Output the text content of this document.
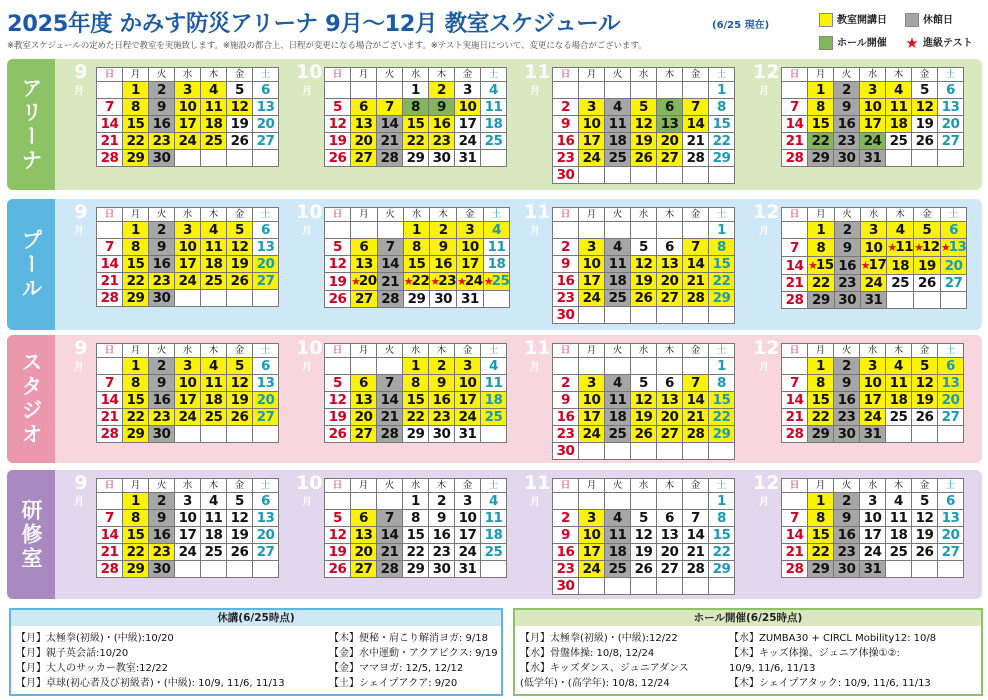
2025年度 かみす防災アリーナ 9月～12月 教室スケジュール	(6/25 現在)
※教室スケジュールの定めた日程で教室を実施致します。※施設の都合上、日程が変更になる場合がございます。※テスト実施日について、変更になる場合がございます。
教室開講日	休館日
ホール開催 ★ 進級テスト
アリーナ
9
月
日	月	火	水	木	金	土
	1	2	3	4	5	6
7	8	9	10	11	12	13
14	15	16	17	18	19	20
21	22	23	24	25	26	27
28	29	30				
10
月
日	月	火	水	木	金	土
			1	2	3	4
5	6	7	8	9	10	11
12	13	14	15	16	17	18
19	20	21	22	23	24	25
26	27	28	29	30	31	
11
月
日	月	火	水	木	金	土
						1
2	3	4	5	6	7	8
9	10	11	12	13	14	15
16	17	18	19	20	21	22
23	24	25	26	27	28	29
30						
12
月
日	月	火	水	木	金	土
	1	2	3	4	5	6
7	8	9	10	11	12	13
14	15	16	17	18	19	20
21	22	23	24	25	26	27
28	29	30	31			
プール
9
月
日	月	火	水	木	金	土
	1	2	3	4	5	6
7	8	9	10	11	12	13
14	15	16	17	18	19	20
21	22	23	24	25	26	27
28	29	30				
10
月
日	月	火	水	木	金	土
			1	2	3	4
5	6	7	8	9	10	11
12	13	14	15	16	17	18
19	★20	21	★22	★23	★24	★25
26	27	28	29	30	31	
11
月
日	月	火	水	木	金	土
						1
2	3	4	5	6	7	8
9	10	11	12	13	14	15
16	17	18	19	20	21	22
23	24	25	26	27	28	29
30						
12
月
日	月	火	水	木	金	土
	1	2	3	4	5	6
7	8	9	10	★11	★12	★13
14	★15	16	★17	18	19	20
21	22	23	24	25	26	27
28	29	30	31			
スタジオ
9
月
日	月	火	水	木	金	土
	1	2	3	4	5	6
7	8	9	10	11	12	13
14	15	16	17	18	19	20
21	22	23	24	25	26	27
28	29	30				
10
月
日	月	火	水	木	金	土
			1	2	3	4
5	6	7	8	9	10	11
12	13	14	15	16	17	18
19	20	21	22	23	24	25
26	27	28	29	30	31	
11
月
日	月	火	水	木	金	土
						1
2	3	4	5	6	7	8
9	10	11	12	13	14	15
16	17	18	19	20	21	22
23	24	25	26	27	28	29
30						
12
月
日	月	火	水	木	金	土
	1	2	3	4	5	6
7	8	9	10	11	12	13
14	15	16	17	18	19	20
21	22	23	24	25	26	27
28	29	30	31			
研修室
9
月
日	月	火	水	木	金	土
	1	2	3	4	5	6
7	8	9	10	11	12	13
14	15	16	17	18	19	20
21	22	23	24	25	26	27
28	29	30				
10
月
日	月	火	水	木	金	土
			1	2	3	4
5	6	7	8	9	10	11
12	13	14	15	16	17	18
19	20	21	22	23	24	25
26	27	28	29	30	31	
11
月
日	月	火	水	木	金	土
						1
2	3	4	5	6	7	8
9	10	11	12	13	14	15
16	17	18	19	20	21	22
23	24	25	26	27	28	29
30						
12
月
日	月	火	水	木	金	土
	1	2	3	4	5	6
7	8	9	10	11	12	13
14	15	16	17	18	19	20
21	22	23	24	25	26	27
28	29	30	31			
休講(6/25時点)
【月】太極拳(初級)・(中級):10/20
【月】親子英会話:10/20
【月】大人のサッカー教室:12/22
【月】卓球(初心者及び初級者)・(中級): 10/9, 11/6, 11/13
【木】便秘・肩こり解消ヨガ: 9/18
【金】水中運動・アクアビクス: 9/19
【金】ママヨガ: 12/5, 12/12
【土】シェイプアクア: 9/20
ホール開催(6/25時点)
【月】太極拳(初級)・(中級):12/22
【水】骨盤体操: 10/8, 12/24
【水】キッズダンス、ジュニアダンス
(低学年)・(高学年): 10/8, 12/24
【水】ZUMBA30 + CIRCL Mobility12: 10/8
【木】キッズ体操、ジュニア体操①②:
10/9, 11/6, 11/13
【木】シェイプアタック: 10/9, 11/6, 11/13
